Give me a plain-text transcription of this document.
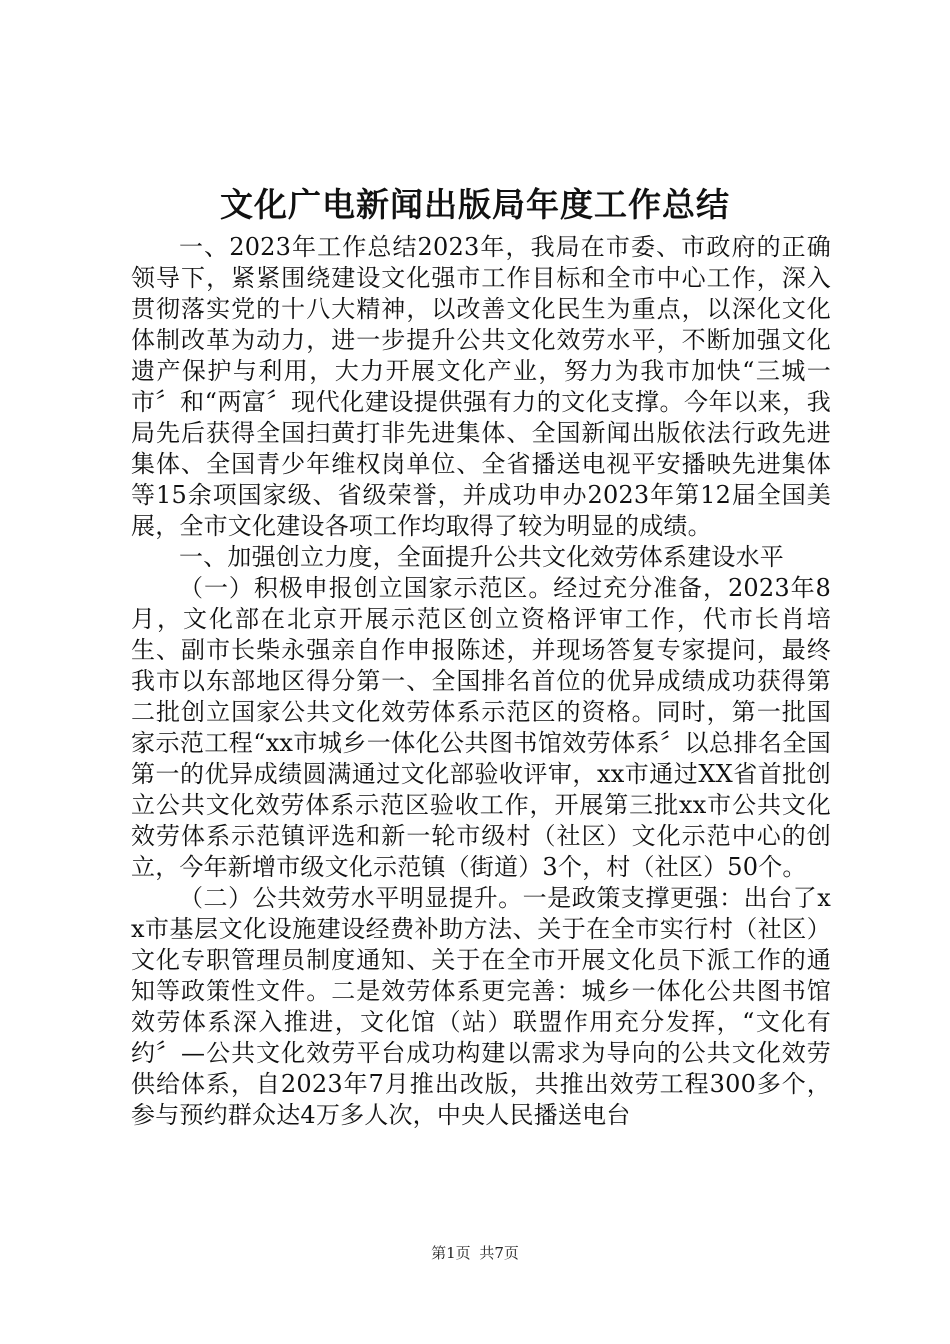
文化广电新闻出版局年度工作总结

一、2023年工作总结2023年，我局在市委、市政府的正确领导下，紧紧围绕建设文化强市工作目标和全市中心工作，深入贯彻落实党的十八大精神，以改善文化民生为重点，以深化文化体制改革为动力，进一步提升公共文化效劳水平，不断加强文化遗产保护与利用，大力开展文化产业，努力为我市加快“三城一市〞和“两富〞现代化建设提供强有力的文化支撑。今年以来，我局先后获得全国扫黄打非先进集体、全国新闻出版依法行政先进集体、全国青少年维权岗单位、全省播送电视平安播映先进集体等15余项国家级、省级荣誉，并成功申办2023年第12届全国美展，全市文化建设各项工作均取得了较为明显的成绩。

一、加强创立力度，全面提升公共文化效劳体系建设水平

（一）积极申报创立国家示范区。经过充分准备，2023年8月，文化部在北京开展示范区创立资格评审工作，代市长肖培生、副市长柴永强亲自作申报陈述，并现场答复专家提问，最终我市以东部地区得分第一、全国排名首位的优异成绩成功获得第二批创立国家公共文化效劳体系示范区的资格。同时，第一批国家示范工程“xx市城乡一体化公共图书馆效劳体系〞以总排名全国第一的优异成绩圆满通过文化部验收评审，xx市通过XX省首批创立公共文化效劳体系示范区验收工作，开展第三批xx市公共文化效劳体系示范镇评选和新一轮市级村（社区）文化示范中心的创立，今年新增市级文化示范镇（街道）3个，村（社区）50个。

（二）公共效劳水平明显提升。一是政策支撑更强：出台了xx市基层文化设施建设经费补助方法、关于在全市实行村（社区）文化专职管理员制度通知、关于在全市开展文化员下派工作的通知等政策性文件。二是效劳体系更完善：城乡一体化公共图书馆效劳体系深入推进，文化馆（站）联盟作用充分发挥，“文化有约〞—公共文化效劳平台成功构建以需求为导向的公共文化效劳供给体系，自2023年7月推出改版，共推出效劳工程300多个，参与预约群众达4万多人次，中央人民播送电台

第1页 共7页
